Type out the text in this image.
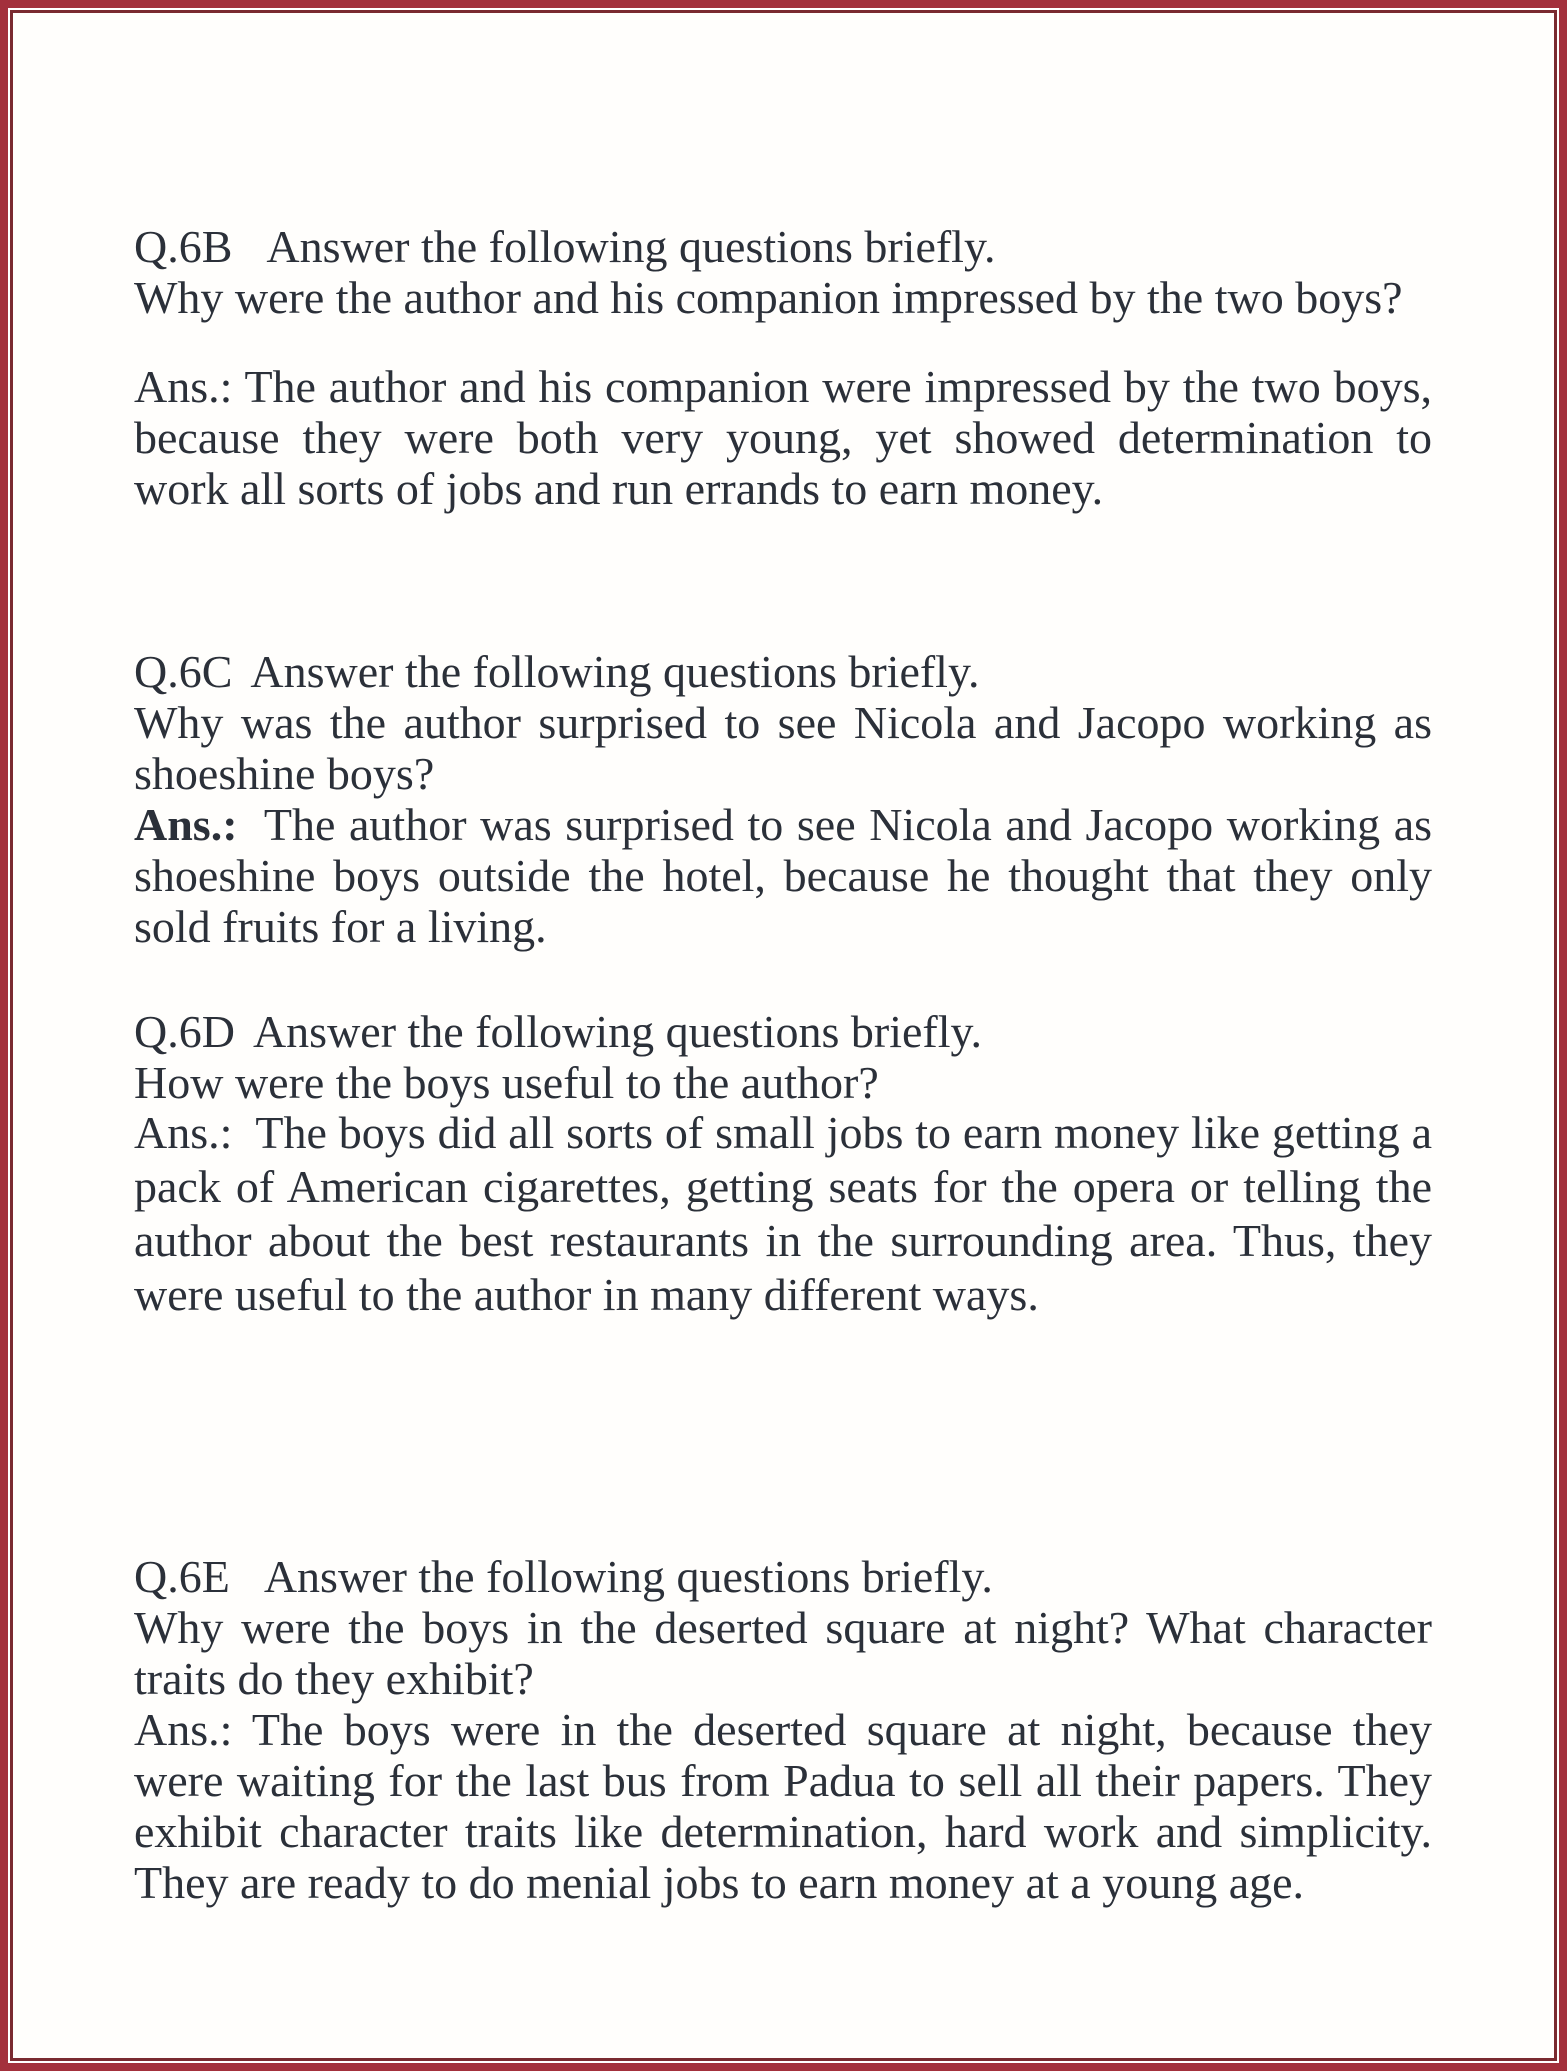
Q.6B Answer the following questions briefly.
Why were the author and his companion impressed by the two boys?
Ans.: The author and his companion were impressed by the two boys, because they were both very young, yet showed determination to work all sorts of jobs and run errands to earn money.
Q.6C Answer the following questions briefly.
Why was the author surprised to see Nicola and Jacopo working as shoeshine boys?
Ans.: The author was surprised to see Nicola and Jacopo working as shoeshine boys outside the hotel, because he thought that they only sold fruits for a living.
Q.6D Answer the following questions briefly.
How were the boys useful to the author?
Ans.: The boys did all sorts of small jobs to earn money like getting a pack of American cigarettes, getting seats for the opera or telling the author about the best restaurants in the surrounding area. Thus, they were useful to the author in many different ways.
Q.6E Answer the following questions briefly.
Why were the boys in the deserted square at night? What character traits do they exhibit?
Ans.: The boys were in the deserted square at night, because they were waiting for the last bus from Padua to sell all their papers. They exhibit character traits like determination, hard work and simplicity. They are ready to do menial jobs to earn money at a young age.
